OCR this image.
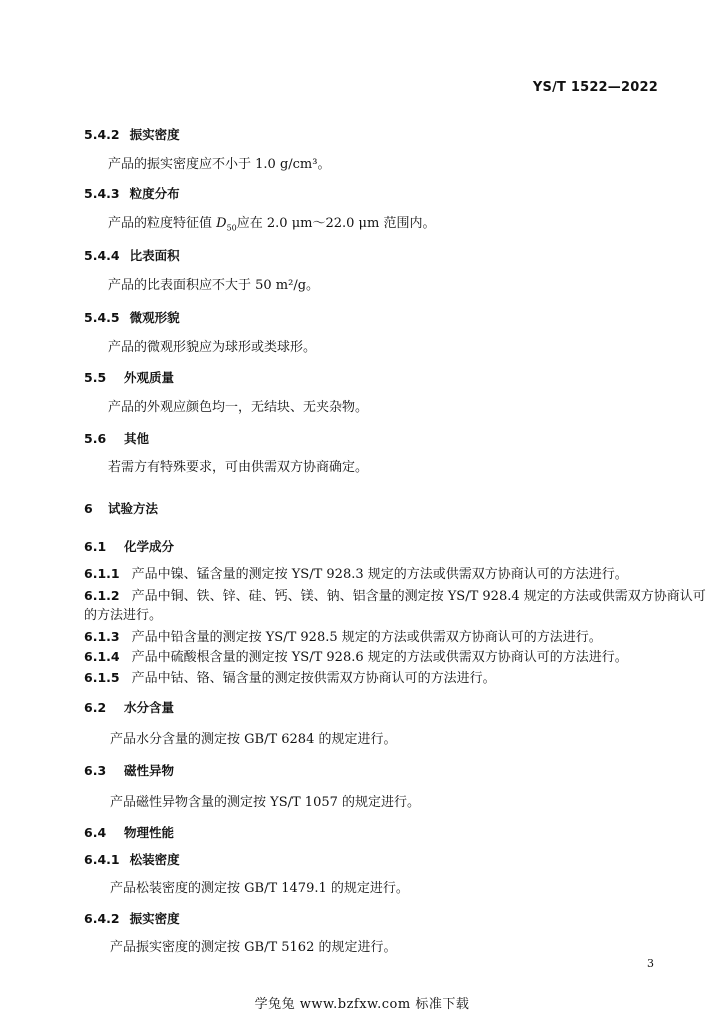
YS/T 1522—2022
5.4.2 振实密度
产品的振实密度应不小于 1.0 g/cm³。
5.4.3 粒度分布
产品的粒度特征值 $D_{50}$应在 2.0 μm～22.0 μm 范围内。
5.4.4 比表面积
产品的比表面积应不大于 50 m²/g。
5.4.5 微观形貌
产品的微观形貌应为球形或类球形。
5.5 外观质量
产品的外观应颜色均一，无结块、无夹杂物。
5.6 其他
若需方有特殊要求，可由供需双方协商确定。
6 试验方法
6.1 化学成分
6.1.1 产品中镍、锰含量的测定按 YS/T 928.3 规定的方法或供需双方协商认可的方法进行。
6.1.2 产品中铜、铁、锌、硅、钙、镁、钠、铝含量的测定按 YS/T 928.4 规定的方法或供需双方协商认可
的方法进行。
6.1.3 产品中铅含量的测定按 YS/T 928.5 规定的方法或供需双方协商认可的方法进行。
6.1.4 产品中硫酸根含量的测定按 YS/T 928.6 规定的方法或供需双方协商认可的方法进行。
6.1.5 产品中钴、铬、镉含量的测定按供需双方协商认可的方法进行。
6.2 水分含量
产品水分含量的测定按 GB/T 6284 的规定进行。
6.3 磁性异物
产品磁性异物含量的测定按 YS/T 1057 的规定进行。
6.4 物理性能
6.4.1 松装密度
产品松装密度的测定按 GB/T 1479.1 的规定进行。
6.4.2 振实密度
产品振实密度的测定按 GB/T 5162 的规定进行。
3
学兔兔 www.bzfxw.com 标准下载
